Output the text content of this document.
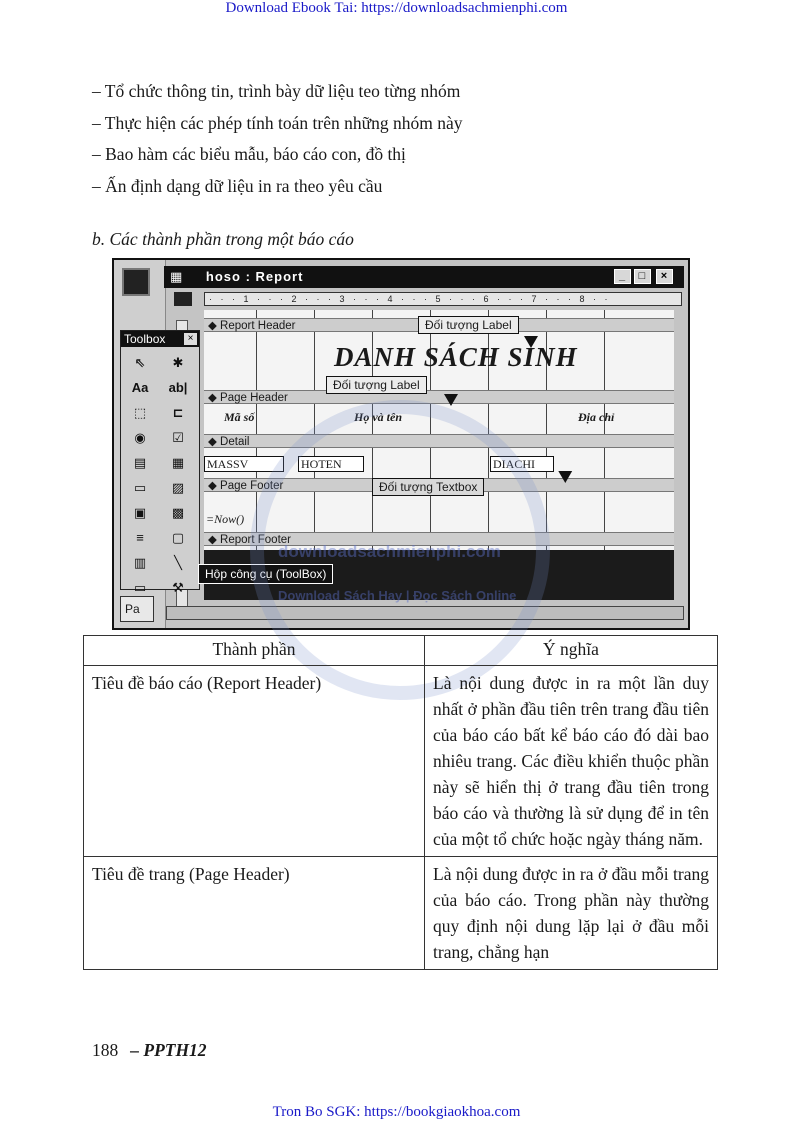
Download Ebook Tai: https://downloadsachmienphi.com
– Tổ chức thông tin, trình bày dữ liệu teo từng nhóm
– Thực hiện các phép tính toán trên những nhóm này
– Bao hàm các biểu mẫu, báo cáo con, đồ thị
– Ấn định dạng dữ liệu in ra theo yêu cầu
b. Các thành phần trong một báo cáo
Pa
▦ hoso : Report	_	□	×
· · · 1 · · · 2 · · · 3 · · · 4 · · · 5 · · · 6 · · · 7 · · · 8 · ·
◆ Report Header
DANH SÁCH SINH
◆ Page Header
Mã số	Họ và tên	Địa chỉ
◆ Detail
MASSV	HOTEN	DIACHI
◆ Page Footer
=Now()
◆ Report Footer
Đối tượng Label
Đối tượng Label
Đối tượng Textbox
Toolbox	×
⇖	✱
Aa	ab|
⬚	⊏
◉	☑
▤	▦
▭	▨
▣	▩
≡	▢
▥	╲
▭	⚒
Hộp công cụ (ToolBox)
downloadsachmienphi.com
Download Sách Hay | Đọc Sách Online
Thành phần	Ý nghĩa
Tiêu đề báo cáo (Report Header)	Là nội dung được in ra một lần duy nhất ở phần đầu tiên trên trang đầu tiên của báo cáo bất kể báo cáo đó dài bao nhiêu trang. Các điều khiển thuộc phần này sẽ hiển thị ở trang đầu tiên trong báo cáo và thường là sử dụng để in tên của một tổ chức hoặc ngày tháng năm.
Tiêu đề trang (Page Header)	Là nội dung được in ra ở đầu mỗi trang của báo cáo. Trong phần này thường quy định nội dung lặp lại ở đầu mỗi trang, chẳng hạn
188 – PPTH12
Tron Bo SGK: https://bookgiaokhoa.com
